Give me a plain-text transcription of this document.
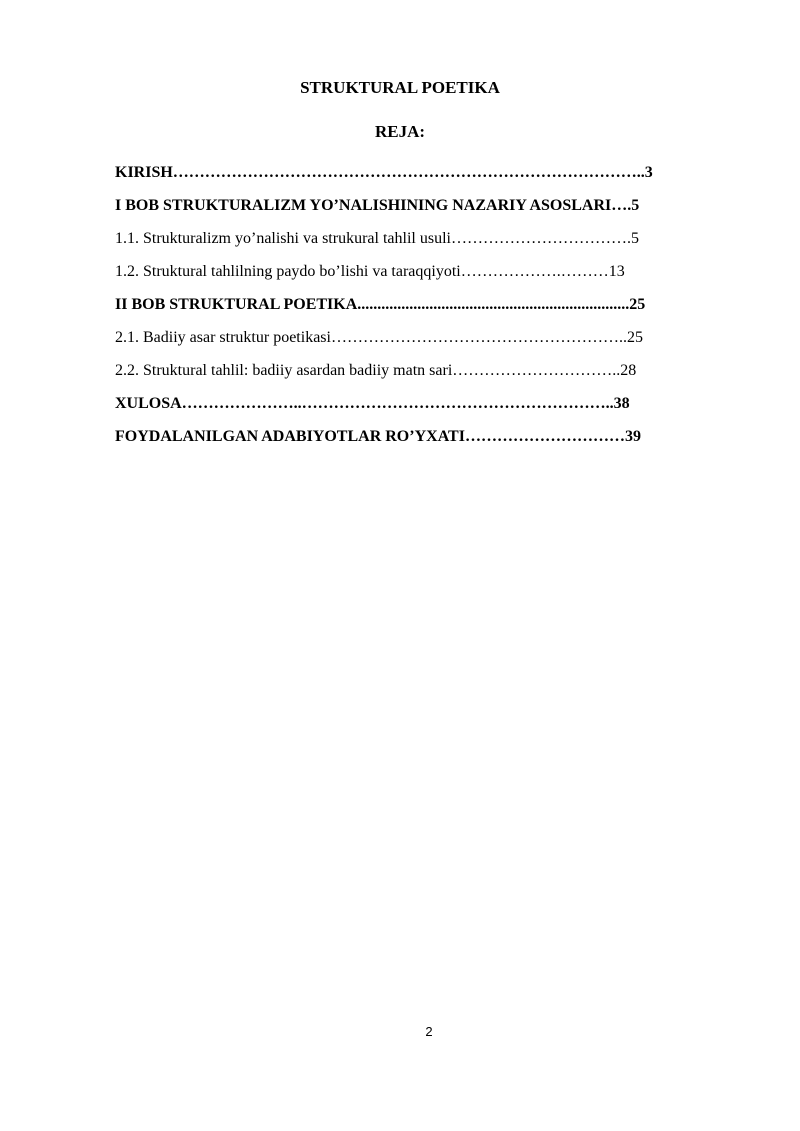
STRUKTURAL POETIKA
REJA:
KIRISH……………………………………………………………………………..3
I BOB STRUKTURALIZM YO’NALISHINING NAZARIY ASOSLARI….5
1.1. Strukturalizm yo’nalishi va strukural tahlil usuli…………………………….5
1.2. Struktural tahlilning paydo bo’lishi va taraqqiyoti……………….………13
II BOB STRUKTURAL POETIKA....................................................................25
2.1. Badiiy asar struktur poetikasi………………………………………………..25
2.2. Struktural tahlil: badiiy asardan badiiy matn sari…………………………..28
XULOSA…………………..…………………………………………………..38
FOYDALANILGAN ADABIYOTLAR RO’YXATI…………………………39
2
